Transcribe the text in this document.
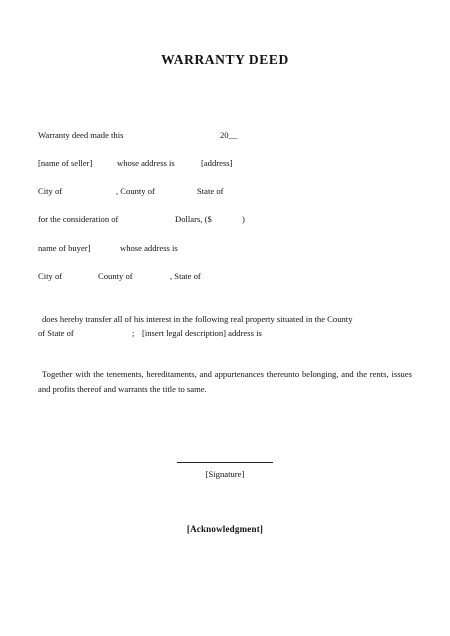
WARRANTY DEED
Warranty deed made this	20__
[name of seller]	whose address is	[address]
City of	, County of	State of
for the consideration of	Dollars, ($	)
name of buyer]	whose address is
City of	County of	, State of
does hereby transfer all of his interest in the following real property situated in the County
of State of	; [insert legal description] address is
Together with the tenements, hereditaments, and appurtenances thereunto belonging, and the rents, issues and profits thereof and warrants the title to same.
[Signature]
[Acknowledgment]
